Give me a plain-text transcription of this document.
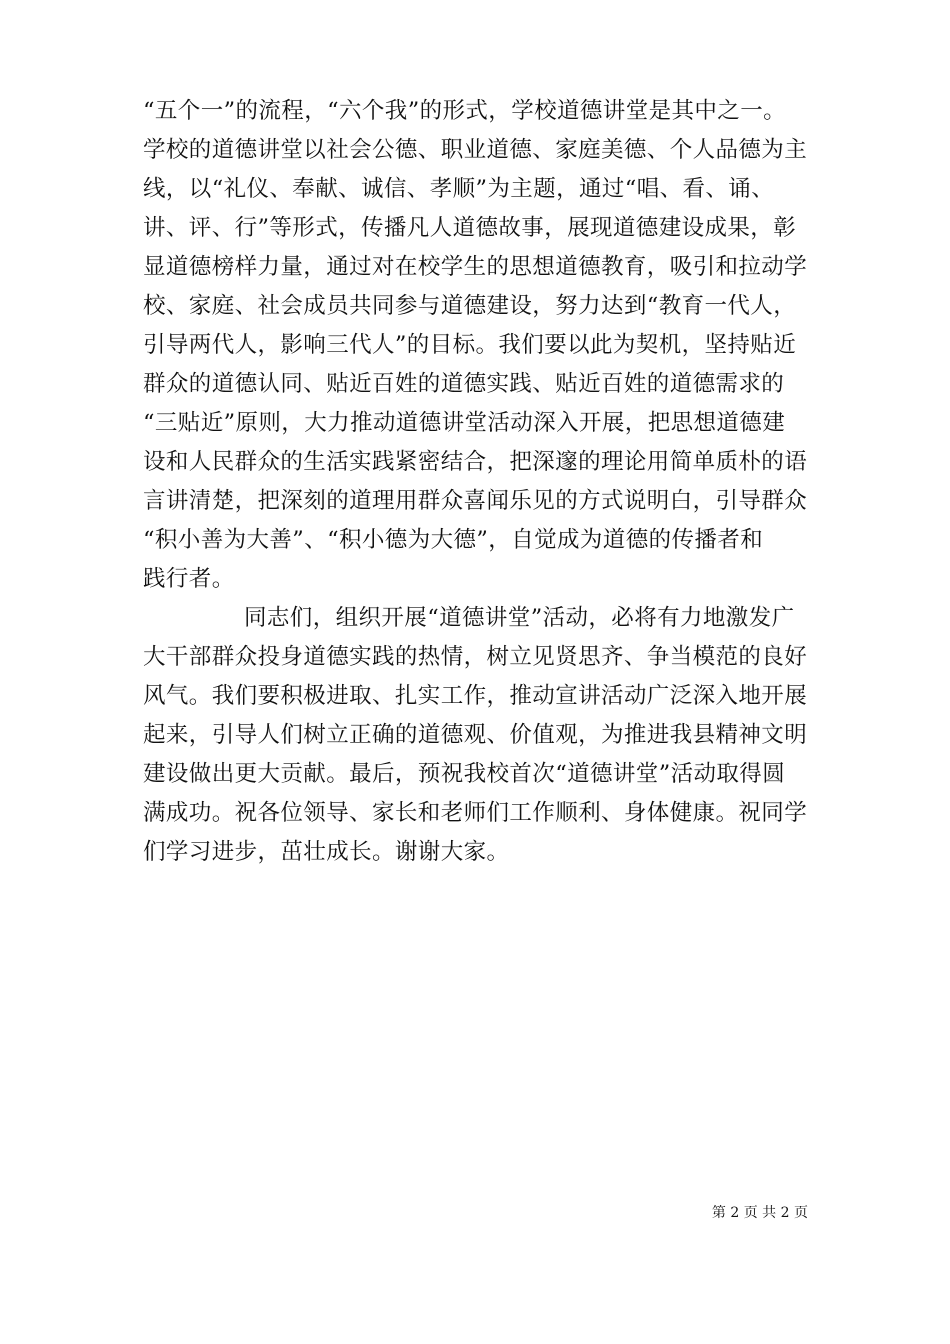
“五个一”的流程，“六个我”的形式，学校道德讲堂是其中之一。
学校的道德讲堂以社会公德、职业道德、家庭美德、个人品德为主
线，以“礼仪、奉献、诚信、孝顺”为主题，通过“唱、看、诵、
讲、评、行”等形式，传播凡人道德故事，展现道德建设成果，彰
显道德榜样力量，通过对在校学生的思想道德教育，吸引和拉动学
校、家庭、社会成员共同参与道德建设，努力达到“教育一代人，
引导两代人，影响三代人”的目标。我们要以此为契机，坚持贴近
群众的道德认同、贴近百姓的道德实践、贴近百姓的道德需求的
“三贴近”原则，大力推动道德讲堂活动深入开展，把思想道德建
设和人民群众的生活实践紧密结合，把深邃的理论用简单质朴的语
言讲清楚，把深刻的道理用群众喜闻乐见的方式说明白，引导群众
“积小善为大善”、“积小德为大德”，自觉成为道德的传播者和
践行者。
同志们，组织开展“道德讲堂”活动，必将有力地激发广
大干部群众投身道德实践的热情，树立见贤思齐、争当模范的良好
风气。我们要积极进取、扎实工作，推动宣讲活动广泛深入地开展
起来，引导人们树立正确的道德观、价值观，为推进我县精神文明
建设做出更大贡献。最后，预祝我校首次“道德讲堂”活动取得圆
满成功。祝各位领导、家长和老师们工作顺利、身体健康。祝同学
们学习进步，茁壮成长。谢谢大家。
第 2 页 共 2 页
